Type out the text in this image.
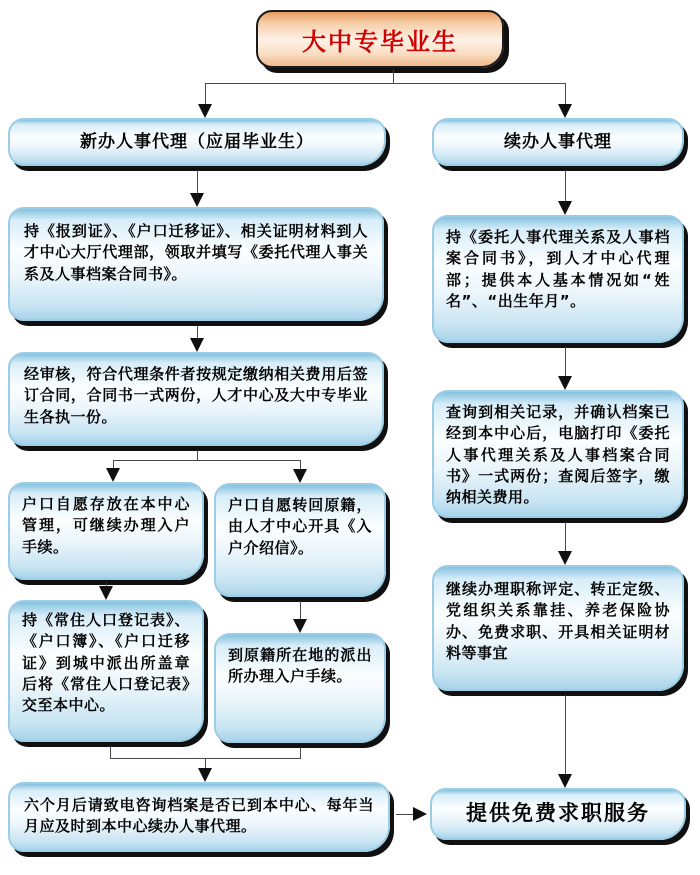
大中专毕业生
新办人事代理（应届毕业生）	续办人事代理
持《报到证》、《户口迁移证》、相关证明材料到人才中心大厅代理部，领取并填写《委托代理人事关系及人事档案合同书》。
经审核，符合代理条件者按规定缴纳相关费用后签订合同，合同书一式两份，人才中心及大中专毕业生各执一份。
户口自愿存放在本中心管理，可继续办理入户手续。
户口自愿转回原籍，由人才中心开具《入户介绍信》。
持《常住人口登记表》、《户口簿》、《户口迁移证》到城中派出所盖章后将《常住人口登记表》交至本中心。
到原籍所在地的派出所办理入户手续。
六个月后请致电咨询档案是否已到本中心、每年当月应及时到本中心续办人事代理。
持《委托人事代理关系及人事档案合同书》，到人才中心代理部；提供本人基本情况如“姓名”、“出生年月”。
查询到相关记录，并确认档案已经到本中心后，电脑打印《委托人事代理关系及人事档案合同书》一式两份；查阅后签字，缴纳相关费用。
继续办理职称评定、转正定级、党组织关系靠挂、养老保险协办、免费求职、开具相关证明材料等事宜
提供免费求职服务
